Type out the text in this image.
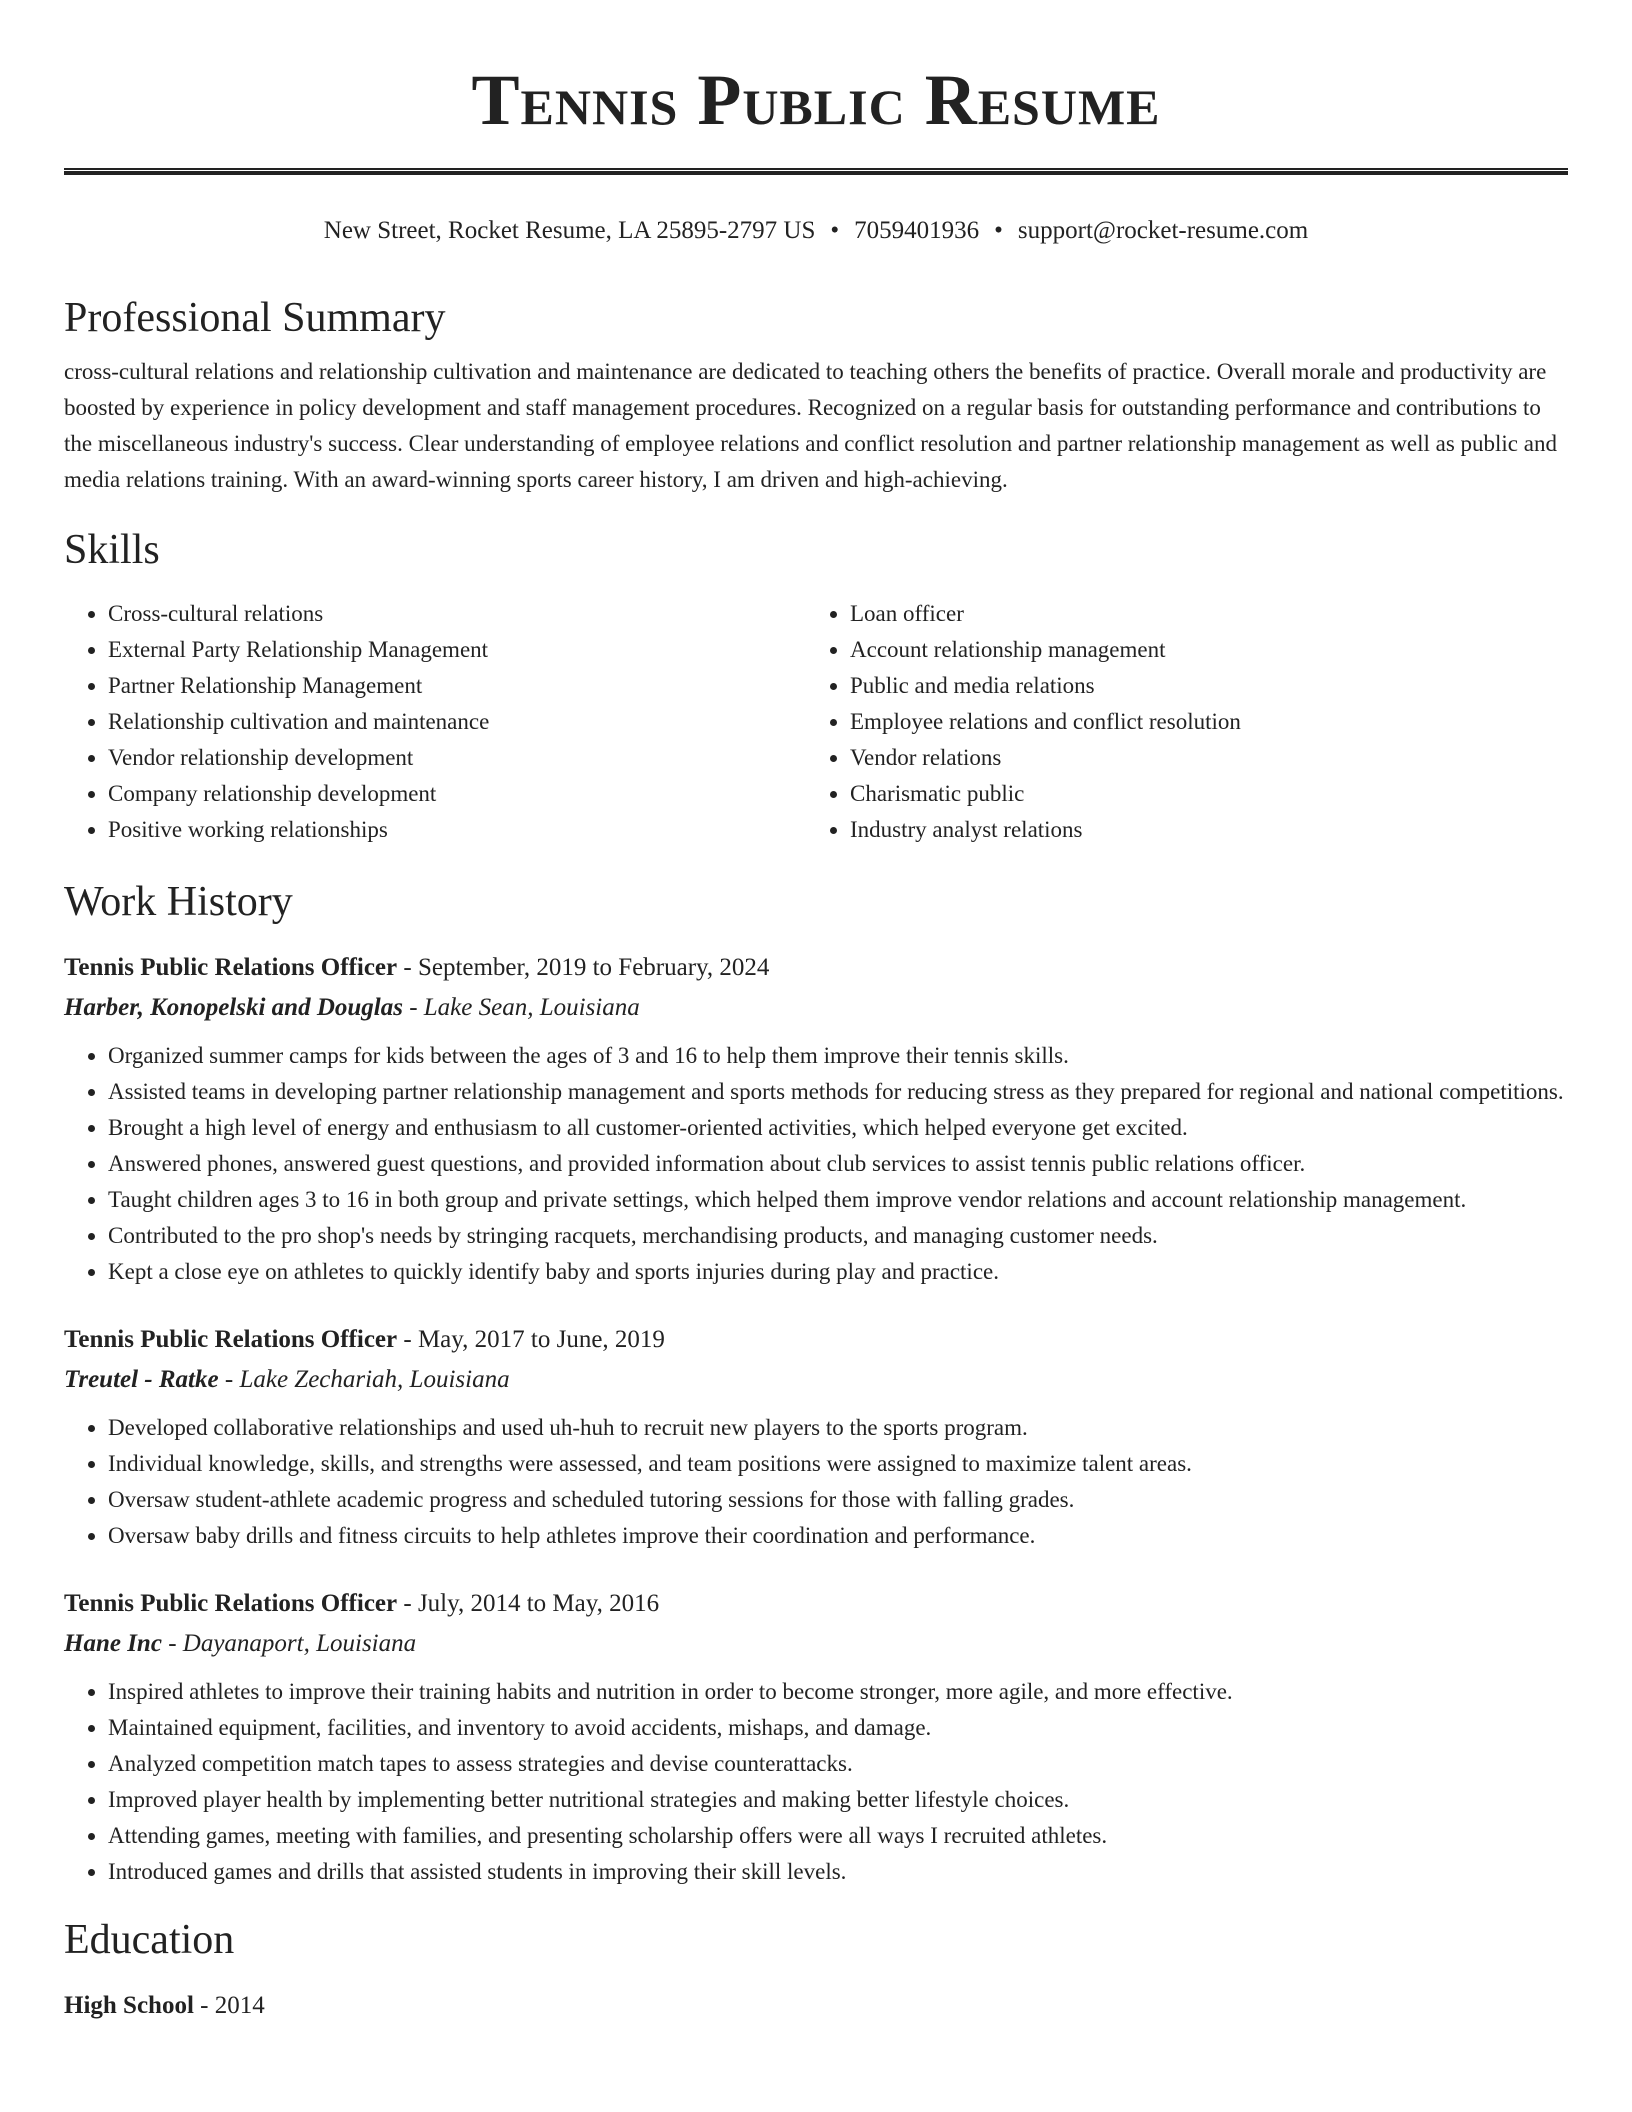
Tennis Public Resume
New Street, Rocket Resume, LA 25895-2797 US • 7059401936 • support@rocket-resume.com
Professional Summary

cross-cultural relations and relationship cultivation and maintenance are dedicated to teaching others the benefits of practice. Overall morale and productivity are boosted by experience in policy development and staff management procedures. Recognized on a regular basis for outstanding performance and contributions to the miscellaneous industry's success. Clear understanding of employee relations and conflict resolution and partner relationship management as well as public and media relations training. With an award-winning sports career history, I am driven and high-achieving.

Skills
• Cross-cultural relations
• External Party Relationship Management
• Partner Relationship Management
• Relationship cultivation and maintenance
• Vendor relationship development
• Company relationship development
• Positive working relationships
• Loan officer
• Account relationship management
• Public and media relations
• Employee relations and conflict resolution
• Vendor relations
• Charismatic public
• Industry analyst relations
Work History
Tennis Public Relations Officer - September, 2019 to February, 2024
Harber, Konopelski and Douglas - Lake Sean, Louisiana
• Organized summer camps for kids between the ages of 3 and 16 to help them improve their tennis skills.
• Assisted teams in developing partner relationship management and sports methods for reducing stress as they prepared for regional and national competitions.
• Brought a high level of energy and enthusiasm to all customer-oriented activities, which helped everyone get excited.
• Answered phones, answered guest questions, and provided information about club services to assist tennis public relations officer.
• Taught children ages 3 to 16 in both group and private settings, which helped them improve vendor relations and account relationship management.
• Contributed to the pro shop's needs by stringing racquets, merchandising products, and managing customer needs.
• Kept a close eye on athletes to quickly identify baby and sports injuries during play and practice.
Tennis Public Relations Officer - May, 2017 to June, 2019
Treutel - Ratke - Lake Zechariah, Louisiana
• Developed collaborative relationships and used uh-huh to recruit new players to the sports program.
• Individual knowledge, skills, and strengths were assessed, and team positions were assigned to maximize talent areas.
• Oversaw student-athlete academic progress and scheduled tutoring sessions for those with falling grades.
• Oversaw baby drills and fitness circuits to help athletes improve their coordination and performance.
Tennis Public Relations Officer - July, 2014 to May, 2016
Hane Inc - Dayanaport, Louisiana
• Inspired athletes to improve their training habits and nutrition in order to become stronger, more agile, and more effective.
• Maintained equipment, facilities, and inventory to avoid accidents, mishaps, and damage.
• Analyzed competition match tapes to assess strategies and devise counterattacks.
• Improved player health by implementing better nutritional strategies and making better lifestyle choices.
• Attending games, meeting with families, and presenting scholarship offers were all ways I recruited athletes.
• Introduced games and drills that assisted students in improving their skill levels.
Education
High School - 2014
